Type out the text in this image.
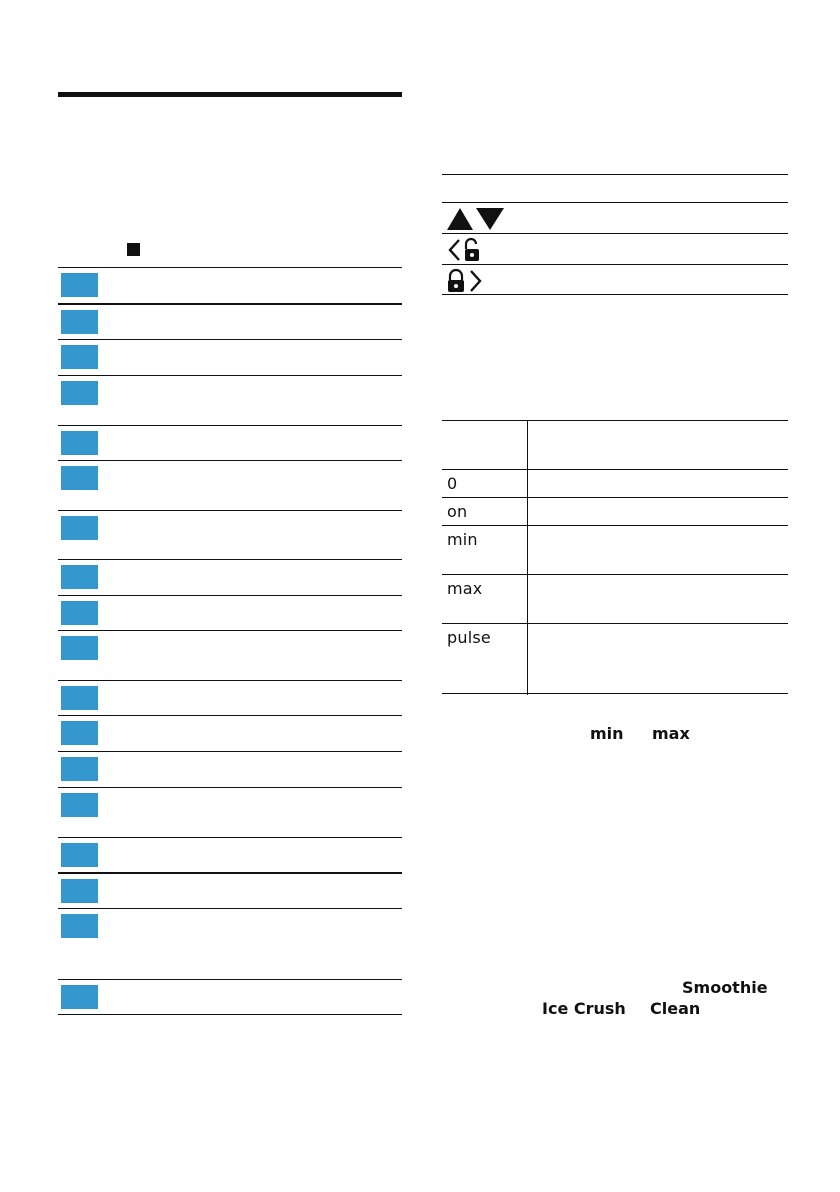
0
on
min
max
pulse
min max
Smoothie
Ice Crush Clean
